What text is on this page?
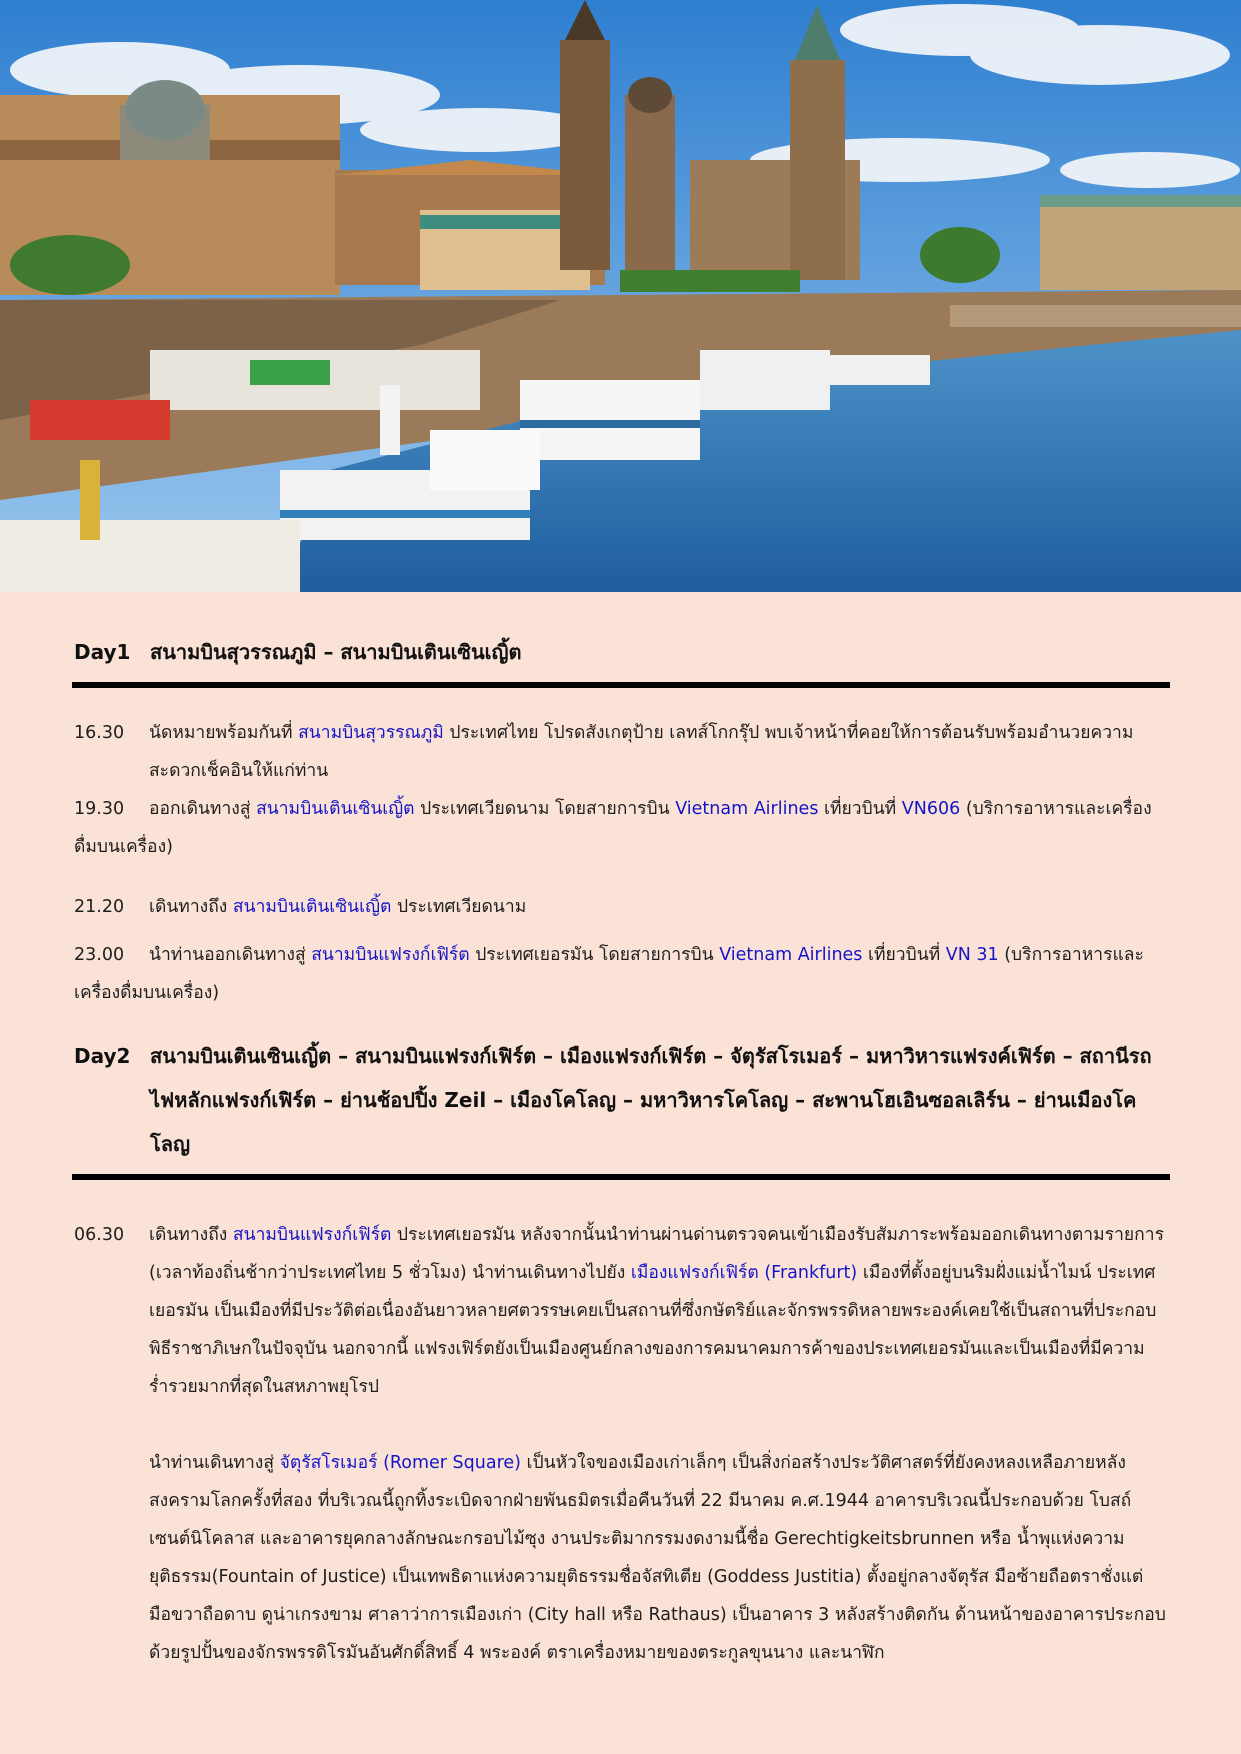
Day1 สนามบินสุวรรณภูมิ – สนามบินเตินเซินเญิ้ต
16.30	นัดหมายพร้อมกันที่ สนามบินสุวรรณภูมิ ประเทศไทย โปรดสังเกตุป้าย เลทส์โกกรุ๊ป พบเจ้าหน้าที่คอยให้การต้อนรับพร้อมอำนวยความสะดวกเช็คอินให้แก่ท่าน
19.30	ออกเดินทางสู่ สนามบินเตินเซินเญิ้ต ประเทศเวียดนาม โดยสายการบิน Vietnam Airlines เที่ยวบินที่ VN606 (บริการอาหารและเครื่องดื่มบนเครื่อง)
21.20	เดินทางถึง สนามบินเตินเซินเญิ้ต ประเทศเวียดนาม
23.00	นำท่านออกเดินทางสู่ สนามบินแฟรงก์เฟิร์ต ประเทศเยอรมัน โดยสายการบิน Vietnam Airlines เที่ยวบินที่ VN 31 (บริการอาหารและเครื่องดื่มบนเครื่อง)
Day2 สนามบินเตินเซินเญิ้ต – สนามบินแฟรงก์เฟิร์ต – เมืองแฟรงก์เฟิร์ต – จัตุรัสโรเมอร์ – มหาวิหารแฟรงค์เฟิร์ต – สถานีรถไฟหลักแฟรงก์เฟิร์ต – ย่านช้อปปิ้ง Zeil – เมืองโคโลญ – มหาวิหารโคโลญ – สะพานโฮเอินซอลเลิร์น – ย่านเมืองโคโลญ
06.30	เดินทางถึง สนามบินแฟรงก์เฟิร์ต ประเทศเยอรมัน หลังจากนั้นนำท่านผ่านด่านตรวจคนเข้าเมืองรับสัมภาระพร้อมออกเดินทางตามรายการ (เวลาท้องถิ่นช้ากว่าประเทศไทย 5 ชั่วโมง) นำท่านเดินทางไปยัง เมืองแฟรงก์เฟิร์ต (Frankfurt) เมืองที่ตั้งอยู่บนริมฝั่งแม่น้ำไมน์ ประเทศเยอรมัน เป็นเมืองที่มีประวัติต่อเนื่องอันยาวหลายศตวรรษเคยเป็นสถานที่ซึ่งกษัตริย์และจักรพรรดิหลายพระองค์เคยใช้เป็นสถานที่ประกอบพิธีราชาภิเษกในปัจจุบัน นอกจากนี้ แฟรงเฟิร์ตยังเป็นเมืองศูนย์กลางของการคมนาคมการค้าของประเทศเยอรมันและเป็นเมืองที่มีความร่ำรวยมากที่สุดในสหภาพยุโรป
นำท่านเดินทางสู่ จัตุรัสโรเมอร์ (Romer Square) เป็นหัวใจของเมืองเก่าเล็กๆ เป็นสิ่งก่อสร้างประวัติศาสตร์ที่ยังคงหลงเหลือภายหลังสงครามโลกครั้งที่สอง ที่บริเวณนี้ถูกทิ้งระเบิดจากฝ่ายพันธมิตรเมื่อคืนวันที่ 22 มีนาคม ค.ศ.1944 อาคารบริเวณนี้ประกอบด้วย โบสถ์เซนต์นิโคลาส และอาคารยุคกลางลักษณะกรอบไม้ซุง งานประติมากรรมงดงามนี้ชื่อ Gerechtigkeitsbrunnen หรือ น้ำพุแห่งความยุติธรรม(Fountain of Justice) เป็นเทพธิดาแห่งความยุติธรรมชื่อจัสทิเตีย (Goddess Justitia) ตั้งอยู่กลางจัตุรัส มือซ้ายถือตราชั่งแต่มือขวาถือดาบ ดูน่าเกรงขาม ศาลาว่าการเมืองเก่า (City hall หรือ Rathaus) เป็นอาคาร 3 หลังสร้างติดกัน ด้านหน้าของอาคารประกอบด้วยรูปปั้นของจักรพรรดิโรมันอันศักดิ์สิทธิ์ 4 พระองค์ ตราเครื่องหมายของตระกูลขุนนาง และนาฬิก
